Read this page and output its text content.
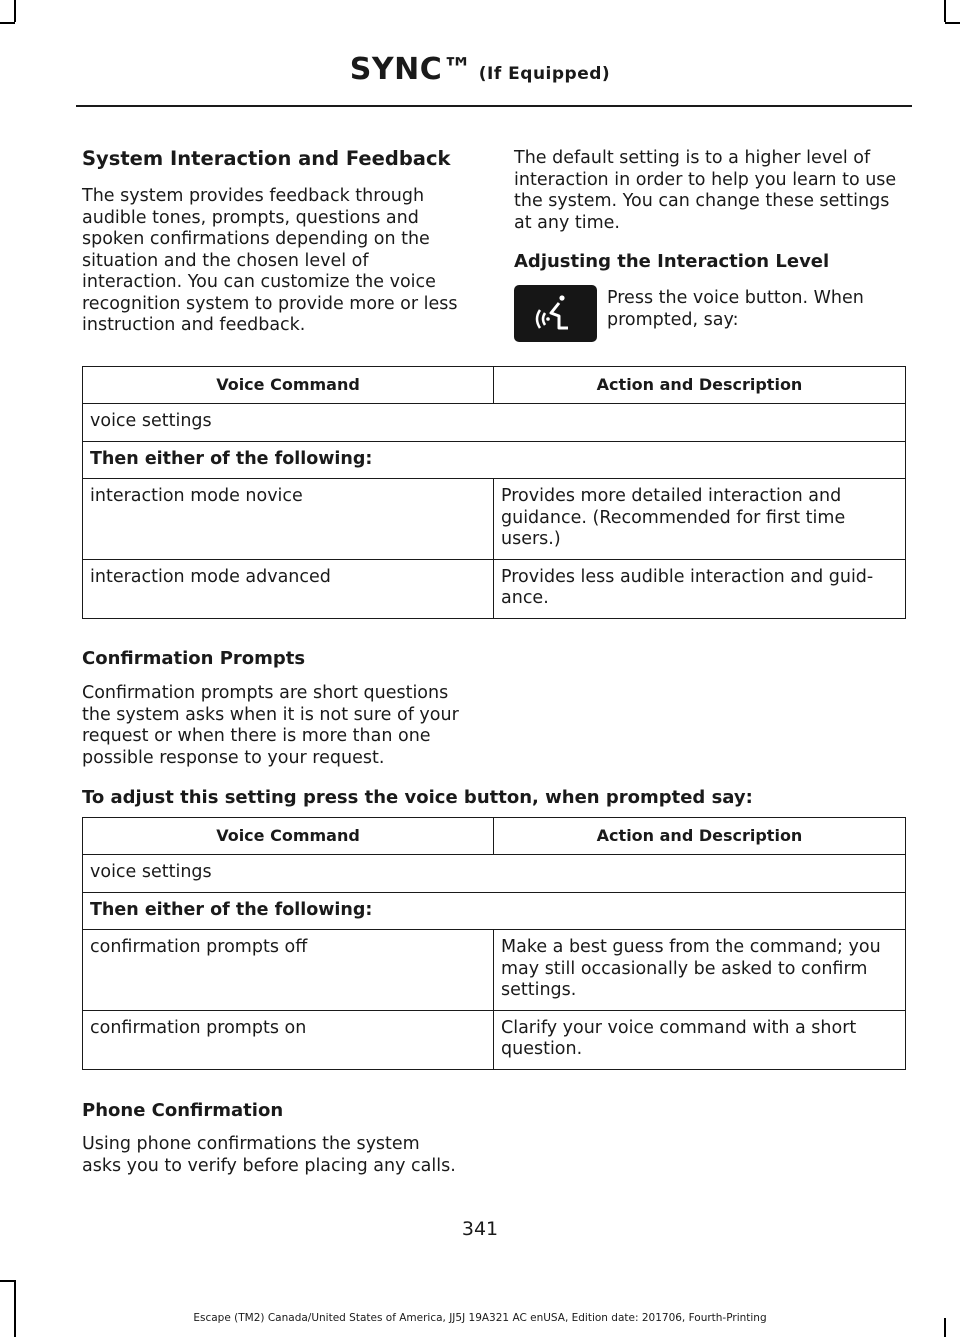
SYNC™ (If Equipped)
System Interaction and Feedback
The system provides feedback through
audible tones, prompts, questions and
spoken confirmations depending on the
situation and the chosen level of
interaction. You can customize the voice
recognition system to provide more or less
instruction and feedback.
The default setting is to a higher level of
interaction in order to help you learn to use
the system. You can change these settings
at any time.
Adjusting the Interaction Level
Press the voice button. When
prompted, say:
Voice Command	Action and Description
voice settings	
Then either of the following:	
interaction mode novice	Provides more detailed interaction and
guidance. (Recommended for first time
users.)

interaction mode advanced	Provides less audible interaction and guid-
ance.
Confirmation Prompts
Confirmation prompts are short questions
the system asks when it is not sure of your
request or when there is more than one
possible response to your request.
To adjust this setting press the voice button, when prompted say:
Voice Command	Action and Description
voice settings	
Then either of the following:	
confirmation prompts off	Make a best guess from the command; you
may still occasionally be asked to confirm
settings.

confirmation prompts on	Clarify your voice command with a short
question.
Phone Confirmation
Using phone confirmations the system
asks you to verify before placing any calls.
341
Escape (TM2) Canada/United States of America, JJ5J 19A321 AC enUSA, Edition date: 201706, Fourth-Printing
